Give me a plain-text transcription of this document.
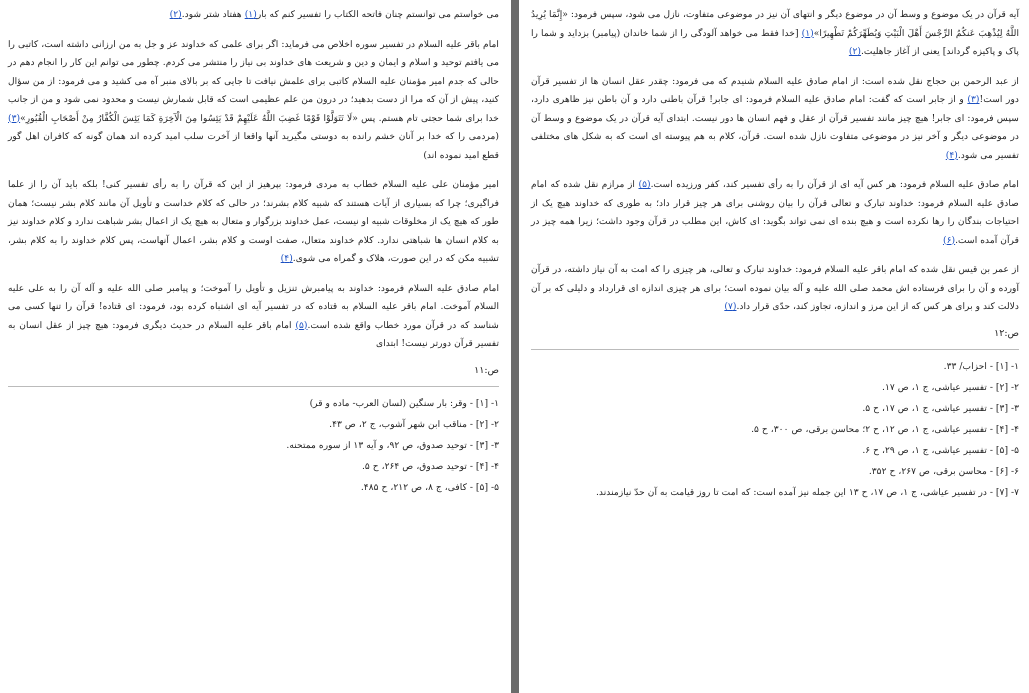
می خواستم می توانستم چنان فاتحه الکتاب را تفسیر کنم که بار(۱) هفتاد شتر شود.(۲)

امام باقر علیه السلام در تفسیر سوره اخلاص می فرماید: اگر برای علمی که خداوند عز و جل به من ارزانی داشته است، کاتبی را می یافتم توحید و اسلام و ایمان و دین و شریعت های خداوند بی نیاز را منتشر می کردم. چطور می توانم این کار را انجام دهم در حالی که جدم امیر مؤمنان علیه السلام کاتبی برای علمش نیافت تا جایی که بر بالای منبر آه می کشید و می فرمود: از من سؤال کنید، پیش از آن که مرا از دست بدهید؛ در درون من علم عظیمی است که قابل شمارش نیست و محدود نمی شود و من از جانب خدا برای شما حجتی تام هستم. پس «لَا تَتَوَلَّوْا قَوْمًا غَضِبَ اللَّهُ عَلَيْهِمْ قَدْ يَئِسُوا مِنَ الْآخِرَةِ كَمَا يَئِسَ الْكُفَّارُ مِنْ أَصْحَابِ الْقُبُورِ»(۳) (مردمی را که خدا بر آنان خشم رانده به دوستی مگیرید آنها واقعا از آخرت سلب امید کرده اند همان گونه که کافران اهل گور قطع امید نموده اند)

امیر مؤمنان علی علیه السلام خطاب به مردی فرمود: بپرهیز از این که قرآن را به رأی تفسیر کنی! بلکه باید آن را از علما فراگیری؛ چرا که بسیاری از آیات هستند که شبیه کلام بشرند؛ در حالی که کلام خداست و تأویل آن مانند کلام بشر نیست؛ همان طور که هیچ یک از مخلوقات شبیه او نیست، عمل خداوند بزرگوار و متعال به هیچ یک از اعمال بشر شباهت ندارد و کلام خداوند نیز به کلام انسان ها شباهتی ندارد. کلام خداوند متعال، صفت اوست و کلام بشر، اعمال آنهاست، پس کلام خداوند را به کلام بشر، تشبیه مکن که در این صورت، هلاک و گمراه می شوی.(۴)

امام صادق علیه السلام فرمود: خداوند به پیامبرش تنزیل و تأویل را آموخت؛ و پیامبر صلی الله علیه و آله آن را به علی علیه السلام آموخت. امام باقر علیه السلام به قتاده که در تفسیر آیه ای اشتباه کرده بود، فرمود: ای قتاده! قرآن را تنها کسی می شناسد که در قرآن مورد خطاب واقع شده است.(۵) امام باقر علیه السلام در حدیث دیگری فرمود: هیچ چیز از عقل انسان به تفسیر قرآن دورتر نیست! ابتدای

ص:۱۱

۱- [۱] - وقر: بار سنگین (لسان العرب- ماده و قر)

۲- [۲] - مناقب ابن شهر آشوب، ج ۲، ص ۴۳.

۳- [۳] - توحید صدوق، ص ۹۲، و آیه ۱۳ از سوره ممتحنه.

۴- [۴] - توحید صدوق، ص ۲۶۴، ح ۵.

۵- [۵] - کافی، ج ۸، ص ۲۱۲، ح ۴۸۵.

آیه قرآن در یک موضوع و وسط آن در موضوع دیگر و انتهای آن نیز در موضوعی متفاوت، نازل می شود، سپس فرمود: «إِنَّمَا يُرِيدُ اللَّهُ لِيُذْهِبَ عَنكُمُ الرِّجْسَ أَهْلَ الْبَيْتِ وَيُطَهِّرَكُمْ تَطْهِيرًا»(۱) [خدا فقط می خواهد آلودگی را از شما خاندان (پیامبر) بزداید و شما را پاک و پاکیزه گرداند] یعنی از آغاز جاهلیت.(۲)

از عبد الرحمن بن حجاج نقل شده است: از امام صادق علیه السلام شنیدم که می فرمود: چقدر عقل انسان ها از تفسیر قرآن دور است!(۳) و از جابر است که گفت: امام صادق علیه السلام فرمود: ای جابر! قرآن باطنی دارد و آن باطن نیز ظاهری دارد، سپس فرمود: ای جابر! هیچ چیز مانند تفسیر قرآن از عقل و فهم انسان ها دور نیست. ابتدای آیه قرآن در یک موضوع و وسط آن در موضوعی دیگر و آخر نیز در موضوعی متفاوت نازل شده است. قرآن، کلام به هم پیوسته ای است که به شکل های مختلفی تفسیر می شود.(۴)

امام صادق علیه السلام فرمود: هر کس آیه ای از قرآن را به رأی تفسیر کند، کفر ورزیده است.(۵) از مرازم نقل شده که امام صادق علیه السلام فرمود: خداوند تبارک و تعالی قرآن را بیان روشنی برای هر چیز قرار داد؛ به طوری که خداوند هیچ یک از احتیاجات بندگان را رها نکرده است و هیچ بنده ای نمی تواند بگوید: ای کاش، این مطلب در قرآن وجود داشت؛ زیرا همه چیز در قرآن آمده است.(۶)

از عمر بن قیس نقل شده که امام باقر علیه السلام فرمود: خداوند تبارک و تعالی، هر چیزی را که امت به آن نیاز داشته، در قرآن آورده و آن را برای فرستاده اش محمد صلی الله علیه و آله بیان نموده است؛ برای هر چیزی اندازه ای قرارداد و دلیلی که بر آن دلالت کند و برای هر کس که از این مرز و اندازه، تجاوز کند، حدّی قرار داد.(۷)

ص:۱۲

۱- [۱] - احزاب/ ۳۳.

۲- [۲] - تفسیر عیاشی، ج ۱، ص ۱۷.

۳- [۳] - تفسیر عیاشی، ج ۱، ص ۱۷، ح ۵.

۴- [۴] - تفسیر عیاشی، ج ۱، ص ۱۲، ح ۲؛ محاسن برقی، ص ۳۰۰، ح ۵.

۵- [۵] - تفسیر عیاشی، ج ۱، ص ۲۹، ح ۶.

۶- [۶] - محاسن برقی، ص ۲۶۷، ح ۳۵۲.

۷- [۷] - در تفسیر عیاشی، ج ۱، ص ۱۷، ح ۱۳ این جمله نیز آمده است: که امت تا روز قیامت به آن حدّ نیازمندند.
